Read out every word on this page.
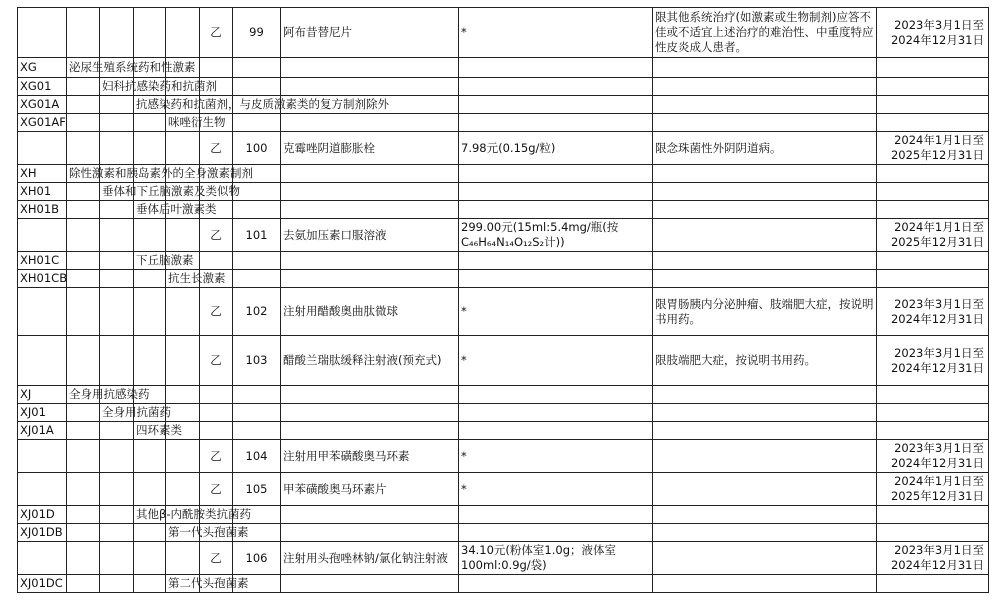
					乙	99	阿布昔替尼片	*	限其他系统治疗(如激素或生物制剂)应答不佳或不适宜上述治疗的难治性、中重度特应性皮炎成人患者。	2023年3月1日至
2024年12月31日

XG	泌尿生殖系统药和性激素									
XG01		妇科抗感染药和抗菌剂								
XG01A			抗感染药和抗菌剂，与皮质激素类的复方制剂除外							
XG01AF				咪唑衍生物						
					乙	100	克霉唑阴道膨胀栓	7.98元(0.15g/粒)	限念珠菌性外阴阴道病。	2024年1月1日至
2025年12月31日

XH	除性激素和胰岛素外的全身激素制剂									
XH01		垂体和下丘脑激素及类似物								
XH01B			垂体后叶激素类							
					乙	101	去氨加压素口服溶液	299.00元(15ml:5.4mg/瓶(按C₄₆H₆₄N₁₄O₁₂S₂计))		2024年1月1日至
2025年12月31日

XH01C			下丘脑激素							
XH01CB				抗生长激素						
					乙	102	注射用醋酸奥曲肽微球	*	限胃肠胰内分泌肿瘤、肢端肥大症，按说明书用药。	2023年3月1日至
2024年12月31日

					乙	103	醋酸兰瑞肽缓释注射液(预充式)	*	限肢端肥大症，按说明书用药。	2023年3月1日至
2024年12月31日

XJ	全身用抗感染药									
XJ01		全身用抗菌药								
XJ01A			四环素类							
					乙	104	注射用甲苯磺酸奥马环素	*		2023年3月1日至
2024年12月31日

					乙	105	甲苯磺酸奥马环素片	*		2024年1月1日至
2025年12月31日

XJ01D			其他β-内酰胺类抗菌药							
XJ01DB				第一代头孢菌素						
					乙	106	注射用头孢唑林钠/氯化钠注射液	34.10元(粉体室1.0g；液体室100ml:0.9g/袋)		2023年3月1日至
2024年12月31日

XJ01DC				第二代头孢菌素						
